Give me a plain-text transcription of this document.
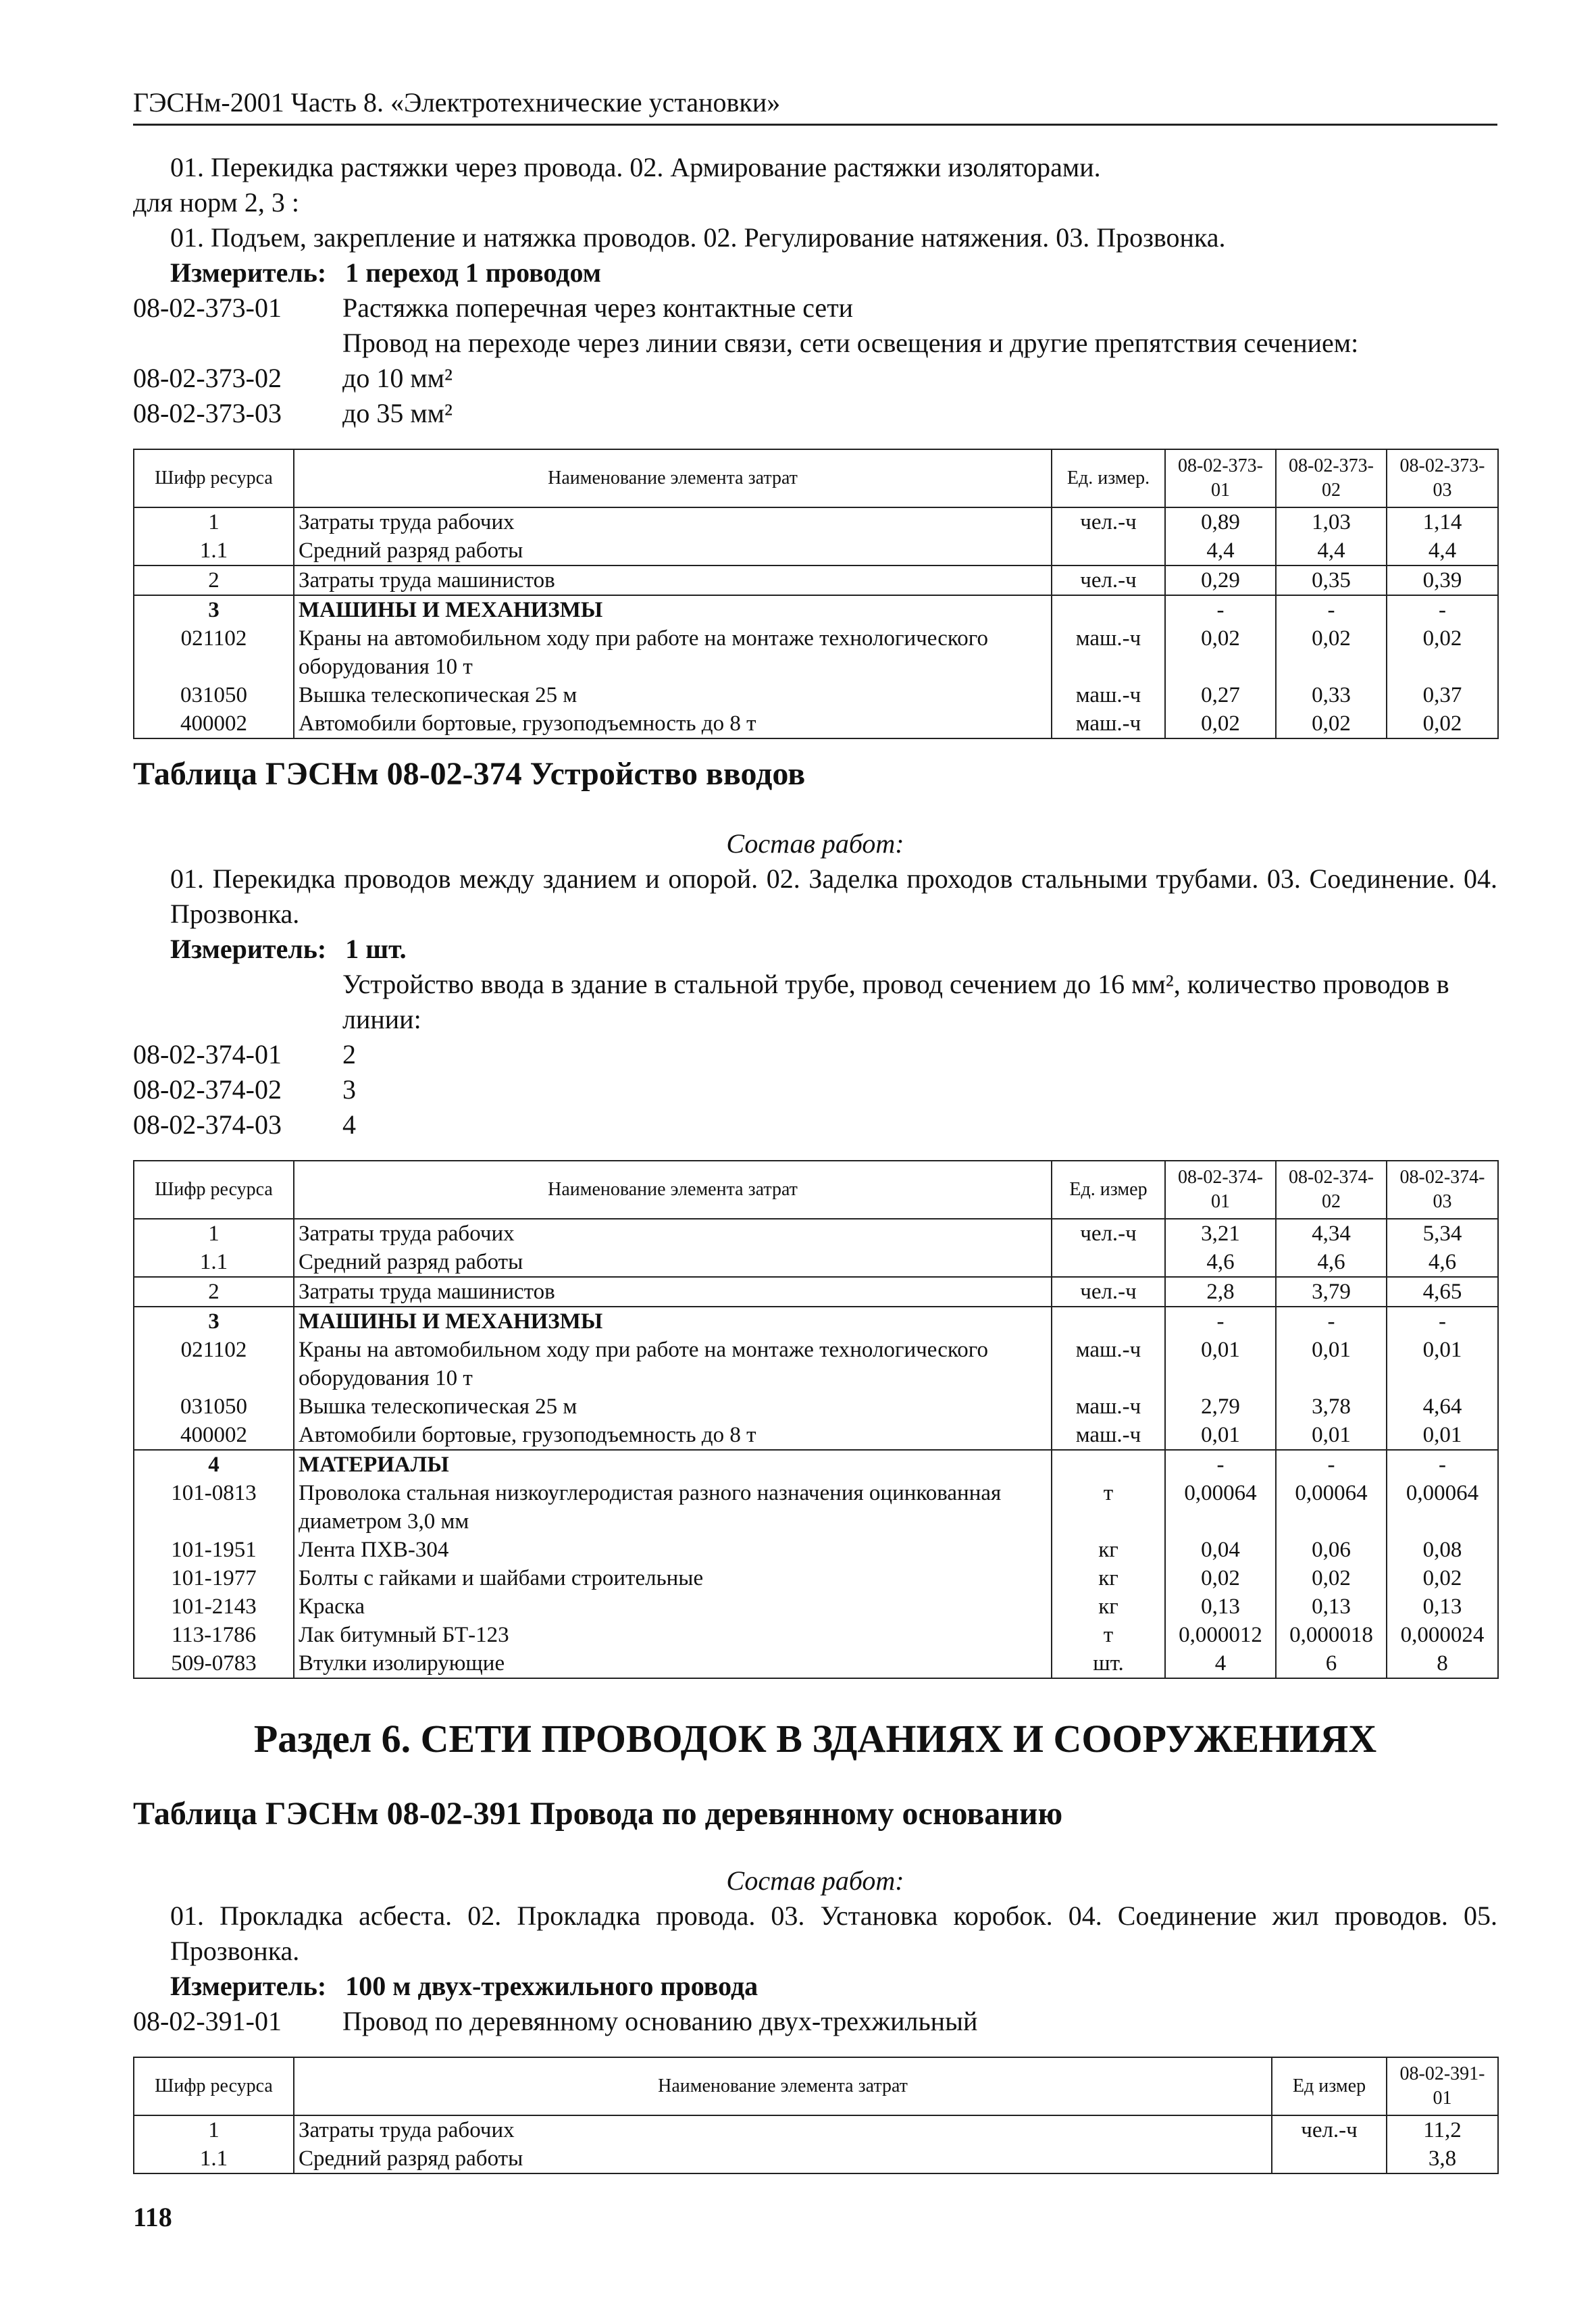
ГЭСНм-2001 Часть 8. «Электротехнические установки»
01. Перекидка растяжки через провода. 02. Армирование растяжки изоляторами.
для норм 2, 3 :
01. Подъем, закрепление и натяжка проводов. 02. Регулирование натяжения. 03. Прозвонка.
Измеритель: 1 переход 1 проводом
08-02-373-01	Растяжка поперечная через контактные сети
Провод на переходе через линии связи, сети освещения и другие препятствия сечением:
08-02-373-02	до 10 мм²
08-02-373-03	до 35 мм²
Шифр ресурса	Наименование элемента затрат	Ед. измер.	08-02-373-01	08-02-373-02	08-02-373-03
1	Затраты труда рабочих	чел.-ч	0,89	1,03	1,14
1.1	Средний разряд работы		4,4	4,4	4,4
2	Затраты труда машинистов	чел.-ч	0,29	0,35	0,39
3	МАШИНЫ И МЕХАНИЗМЫ		-	-	-
021102	Краны на автомобильном ходу при работе на монтаже технологического оборудования 10 т	маш.-ч	0,02	0,02	0,02
031050	Вышка телескопическая 25 м	маш.-ч	0,27	0,33	0,37
400002	Автомобили бортовые, грузоподъемность до 8 т	маш.-ч	0,02	0,02	0,02
Таблица ГЭСНм 08-02-374 Устройство вводов
Состав работ:
01. Перекидка проводов между зданием и опорой. 02. Заделка проходов стальными трубами. 03. Соединение. 04. Прозвонка.
Измеритель: 1 шт.
Устройство ввода в здание в стальной трубе, провод сечением до 16 мм², количество проводов в линии:
08-02-374-01	2
08-02-374-02	3
08-02-374-03	4
Шифр ресурса	Наименование элемента затрат	Ед. измер	08-02-374-01	08-02-374-02	08-02-374-03
1	Затраты труда рабочих	чел.-ч	3,21	4,34	5,34
1.1	Средний разряд работы		4,6	4,6	4,6
2	Затраты труда машинистов	чел.-ч	2,8	3,79	4,65
3	МАШИНЫ И МЕХАНИЗМЫ		-	-	-
021102	Краны на автомобильном ходу при работе на монтаже технологического оборудования 10 т	маш.-ч	0,01	0,01	0,01
031050	Вышка телескопическая 25 м	маш.-ч	2,79	3,78	4,64
400002	Автомобили бортовые, грузоподъемность до 8 т	маш.-ч	0,01	0,01	0,01
4	МАТЕРИАЛЫ		-	-	-
101-0813	Проволока стальная низкоуглеродистая разного назначения оцинкованная диаметром 3,0 мм	т	0,00064	0,00064	0,00064
101-1951	Лента ПХВ-304	кг	0,04	0,06	0,08
101-1977	Болты с гайками и шайбами строительные	кг	0,02	0,02	0,02
101-2143	Краска	кг	0,13	0,13	0,13
113-1786	Лак битумный БТ-123	т	0,000012	0,000018	0,000024
509-0783	Втулки изолирующие	шт.	4	6	8
Раздел 6. СЕТИ ПРОВОДОК В ЗДАНИЯХ И СООРУЖЕНИЯХ
Таблица ГЭСНм 08-02-391 Провода по деревянному основанию
Состав работ:
01. Прокладка асбеста. 02. Прокладка провода. 03. Установка коробок. 04. Соединение жил проводов. 05. Прозвонка.
Измеритель: 100 м двух-трехжильного провода
08-02-391-01	Провод по деревянному основанию двух-трехжильный
Шифр ресурса	Наименование элемента затрат	Ед измер	08-02-391-01
1	Затраты труда рабочих	чел.-ч	11,2
1.1	Средний разряд работы		3,8
118
